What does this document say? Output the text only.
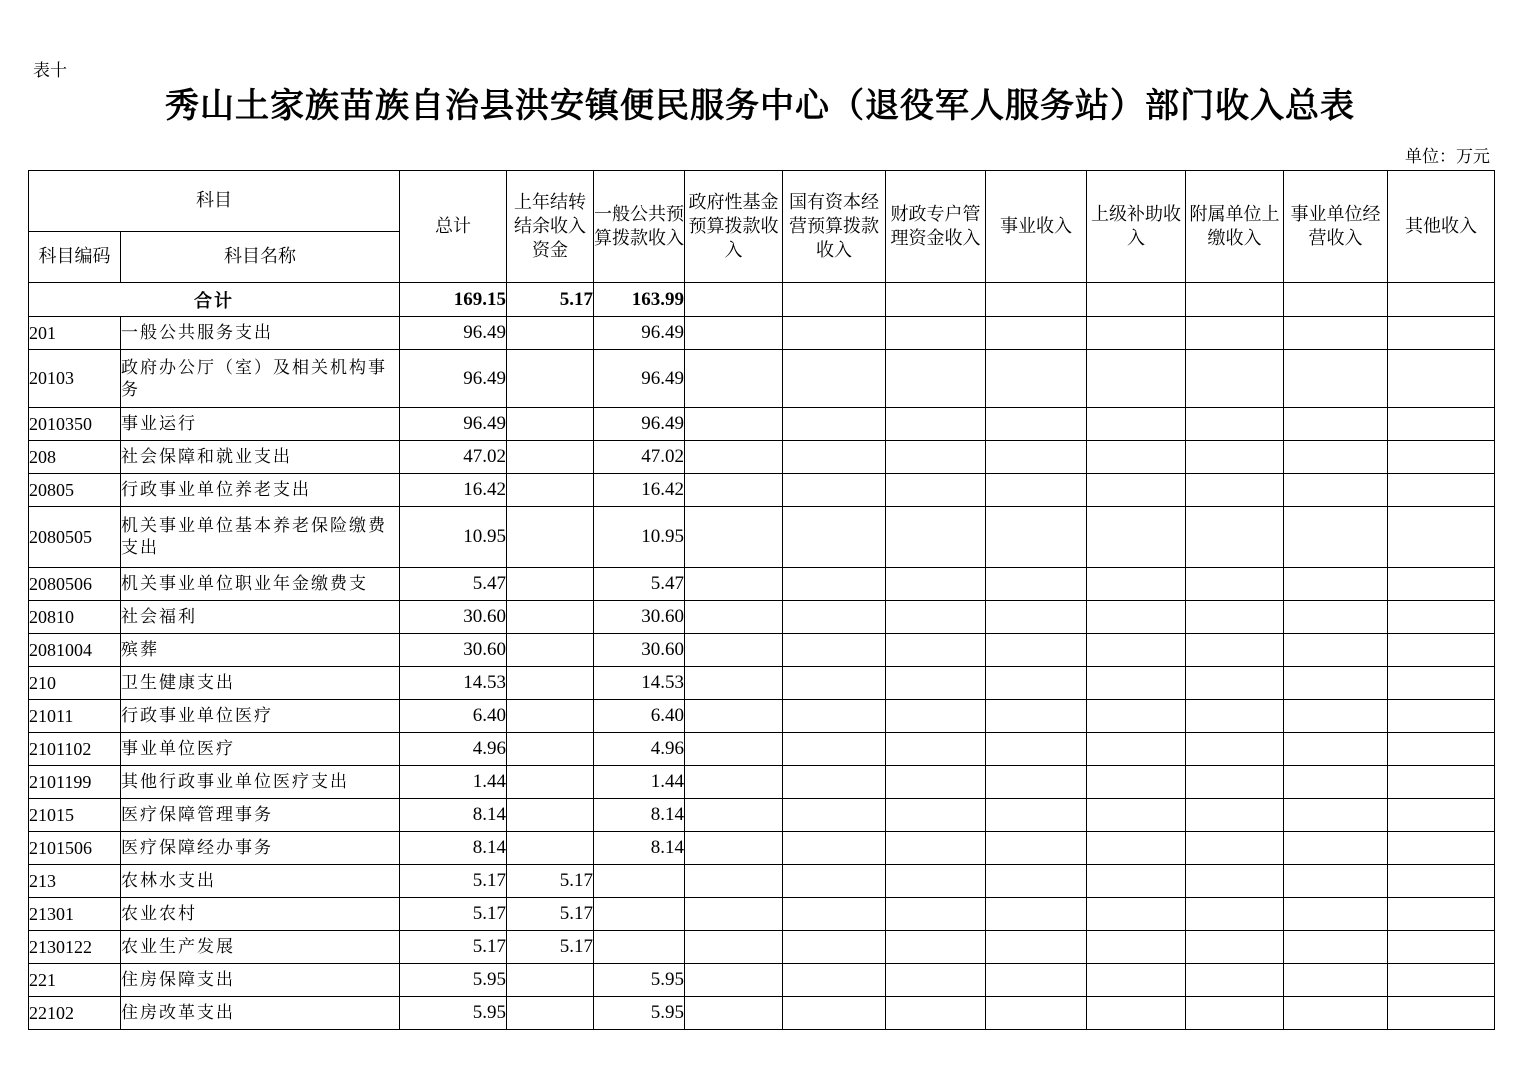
表十
秀山土家族苗族自治县洪安镇便民服务中心（退役军人服务站）部门收入总表
单位：万元
科目		总计	上年结转结余收入资金	一般公共预算拨款收入	政府性基金预算拨款收入	国有资本经营预算拨款收入	财政专户管理资金收入	事业收入	上级补助收入	附属单位上缴收入	事业单位经营收入	其他收入
科目编码	科目名称											
合计		169.15	5.17	163.99								
201	一般公共服务支出	96.49		96.49								
20103	政府办公厅（室）及相关机构事务	96.49		96.49								
2010350	事业运行	96.49		96.49								
208	社会保障和就业支出	47.02		47.02								
20805	行政事业单位养老支出	16.42		16.42								
2080505	机关事业单位基本养老保险缴费支出	10.95		10.95								
2080506	机关事业单位职业年金缴费支	5.47		5.47								
20810	社会福利	30.60		30.60								
2081004	殡葬	30.60		30.60								
210	卫生健康支出	14.53		14.53								
21011	行政事业单位医疗	6.40		6.40								
2101102	事业单位医疗	4.96		4.96								
2101199	其他行政事业单位医疗支出	1.44		1.44								
21015	医疗保障管理事务	8.14		8.14								
2101506	医疗保障经办事务	8.14		8.14								
213	农林水支出	5.17	5.17									
21301	农业农村	5.17	5.17									
2130122	农业生产发展	5.17	5.17									
221	住房保障支出	5.95		5.95								
22102	住房改革支出	5.95		5.95								
